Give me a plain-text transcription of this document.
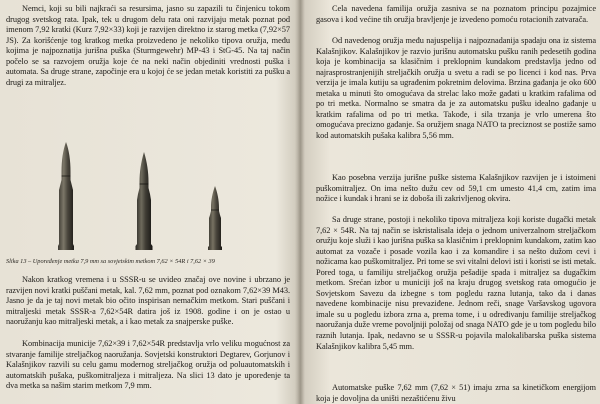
Nemci, koji su bili najkraći sa resursima, jasno su zapazili tu činjenicu tokom drugog svetskog rata. Ipak, tek u drugom delu rata oni razvijaju metak poznat pod imenom 7,92 kratki (Kurz 7,92×33) koji je razvijen direktno iz starog metka (7,92×57 JS). Za korišćenje tog kratkog metka proizvedeno je nekoliko tipova oružja, među kojima je najpoznatija jurišna puška (Sturmgewehr) MP-43 i StG-45. Na taj način počelo se sa razvojem oružja koje će na neki način objediniti vrednosti puška i automata. Sa druge strane, započinje era u kojoj će se jedan metak koristiti za pušku a drugi za mitraljez.

Slika 13 – Upoređenje metka 7,9 mm sa sovjetskim metkom 7,62 × 54R i 7,62 × 39

Nakon kratkog vremena i u SSSR-u se uvideo značaj ove novine i ubrzano je razvijen novi kratki puščani metak, kal. 7,62 mm, poznat pod oznakom 7,62×39 M43. Jasno je da je taj novi metak bio očito inspirisan nemačkim metkom. Stari puščani i mitraljeski metak SSSR-a 7,62×54R datira još iz 1908. godine i on je ostao u naoružanju kao mitraljeski metak, a i kao metak za snajperske puške.

Kombinacija municije 7,62×39 i 7,62×54R predstavlja vrlo veliku mogućnost za stvaranje familije streljačkog naoružanja. Sovjetski konstruktori Degtarev, Gorjunov i Kalašnjikov razvili su celu gamu modernog streljačkog oružja od poluautomatskih i automatskih pušaka, puškomitraljeza i mitraljeza. Na slici 13 dato je upoređenje ta dva metka sa našim starim metkom 7,9 mm.

Cela navedena familija oružja zasniva se na poznatom principu pozajmice gasova i kod većine tih oružja bravljenje je izvedeno pomoću rotacionih zatvarača.

Od navedenog oružja među najuspelija i najpoznadanija spadaju ona iz sistema Kalašnjikov. Kalašnjikov je razvio jurišnu automatsku pušku ranih pedesetih godina koja je kombinacija sa klasičnim i preklopnim kundakom predstavlja jedno od najrasprostranjenijih streljačkih oružja u svetu a radi se po licenci i kod nas. Prva verzija je imala kutiju sa ugrađenim pokretnim delovima. Brzina gađanja je oko 600 metaka u minuti što omogućava da strelac lako može gađati u kratkim rafalima od po tri metka. Normalno se smatra da je za automatsku pušku idealno gađanje u kratkim rafalima od po tri metka. Takođe, i sila trzanja je vrlo umerena što omogućava precizno gađanje. Sa oružjem snaga NATO ta preciznost se postiže samo kod automatskih pušaka kalibra 5,56 mm.

Kao posebna verzija jurišne puške sistema Kalašnjikov razvijen je i istoimeni puškomitraljez. On ima nešto dužu cev od 59,1 cm umesto 41,4 cm, zatim ima nožice i kundak i hrani se iz doboša ili zakrivljenog okvira.

Sa druge strane, postoji i nekoliko tipova mitraljeza koji koriste dugački metak 7,62 × 54R. Na taj način se iskristalisala ideja o jednom univerzalnom streljačkom oružju koje služi i kao jurišna puška sa klasičnim i preklopnim kundakom, zatim kao automat za vozače i posade vozila kao i za komandire i sa nešto dužom cevi i nožicama kao puškomitraljez. Pri tome se svi vitalni delovi isti i koristi se isti metak. Pored toga, u familiju streljačkog oružja pešadije spada i mitraljez sa dugačkim metkom. Srećan izbor u municiji još na kraju drugog svetskog rata omogućio je Sovjetskom Savezu da izbegne s tom pogledu razna lutanja, tako da i danas navedene kombinacije nisu prevaziđene. Jednom reči, snage Varšavskog ugovora imale su u pogledu izbora zrna a, prema tome, i u određivanju familije streljačkog naoružanja duže vreme povoljniji položaj od snaga NATO gde je u tom pogledu bilo raznih lutanja. Ipak, nedavno se u SSSR-u pojavila malokalibarska puška sistema Kalašnjikov kalibra 5,45 mm.

Automatske puške 7,62 mm (7,62 × 51) imaju zrna sa kinetičkom energijom koja je dovoljna da uništi nezaštićenu živu
